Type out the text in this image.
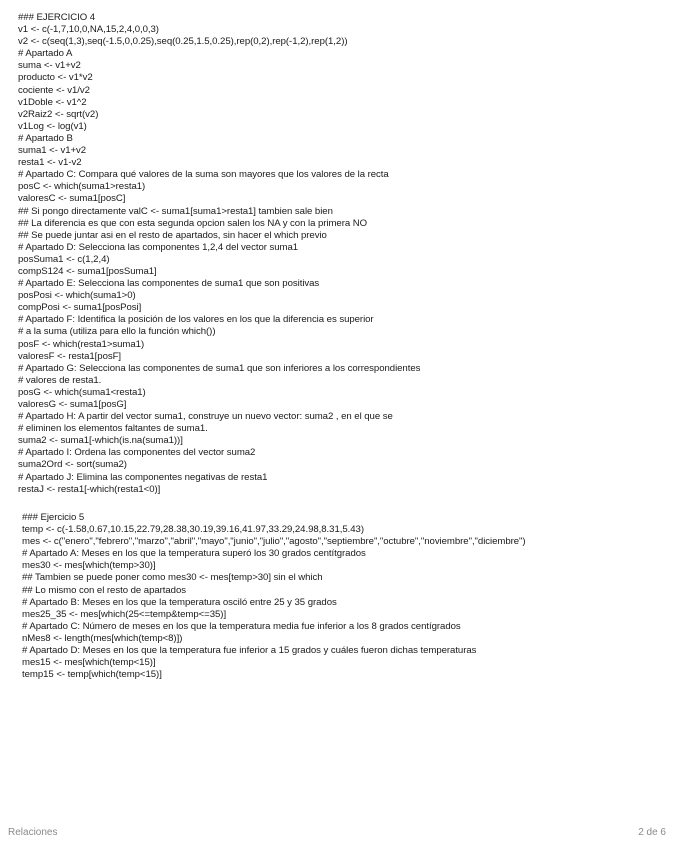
### EJERCICIO 4
v1 <- c(-1,7,10,0,NA,15,2,4,0,0,3)
v2 <- c(seq(1,3),seq(-1.5,0,0.25),seq(0.25,1.5,0.25),rep(0,2),rep(-1,2),rep(1,2))
# Apartado A
suma <- v1+v2
producto <- v1*v2
cociente <- v1/v2
v1Doble <- v1^2
v2Raiz2 <- sqrt(v2)
v1Log <- log(v1)
# Apartado B
suma1 <- v1+v2
resta1 <- v1-v2
# Apartado C: Compara qué valores de la suma son mayores que los valores de la recta
posC <- which(suma1>resta1)
valoresC <- suma1[posC]
## Si pongo directamente valC <- suma1[suma1>resta1] tambien sale bien
## La diferencia es que con esta segunda opcion salen los NA y con la primera NO
## Se puede juntar asi en el resto de apartados, sin hacer el which previo
# Apartado D: Selecciona las componentes 1,2,4 del vector suma1
posSuma1 <- c(1,2,4)
compS124 <- suma1[posSuma1]
# Apartado E: Selecciona las componentes de suma1 que son positivas
posPosi <- which(suma1>0)
compPosi <- suma1[posPosi]
# Apartado F: Identifica la posición de los valores en los que la diferencia es superior
# a la suma (utiliza para ello la función which())
posF <- which(resta1>suma1)
valoresF <- resta1[posF]
# Apartado G: Selecciona las componentes de suma1 que son inferiores a los correspondientes
# valores de resta1.
posG <- which(suma1<resta1)
valoresG <- suma1[posG]
# Apartado H: A partir del vector suma1, construye un nuevo vector: suma2 , en el que se
# eliminen los elementos faltantes de suma1.
suma2 <- suma1[-which(is.na(suma1))]
# Apartado I: Ordena las componentes del vector suma2
suma2Ord <- sort(suma2)
# Apartado J: Elimina las componentes negativas de resta1
restaJ <- resta1[-which(resta1<0)]
### Ejercicio 5
temp <- c(-1.58,0.67,10.15,22.79,28.38,30.19,39.16,41.97,33.29,24.98,8.31,5.43)
mes <- c("enero","febrero","marzo","abril","mayo","junio","julio","agosto","septiembre","octubre","noviembre","diciembre")
# Apartado A: Meses en los que la temperatura superó los 30 grados centítgrados
mes30 <- mes[which(temp>30)]
## Tambien se puede poner como mes30 <- mes[temp>30] sin el which
## Lo mismo con el resto de apartados
# Apartado B: Meses en los que la temperatura osciló entre 25 y 35 grados
mes25_35 <- mes[which(25<=temp&temp<=35)]
# Apartado C: Número de meses en los que la temperatura media fue inferior a los 8 grados centígrados
nMes8 <- length(mes[which(temp<8)])
# Apartado D: Meses en los que la temperatura fue inferior a 15 grados y cuáles fueron dichas temperaturas
mes15 <- mes[which(temp<15)]
temp15 <- temp[which(temp<15)]
Relaciones	2 de 6
